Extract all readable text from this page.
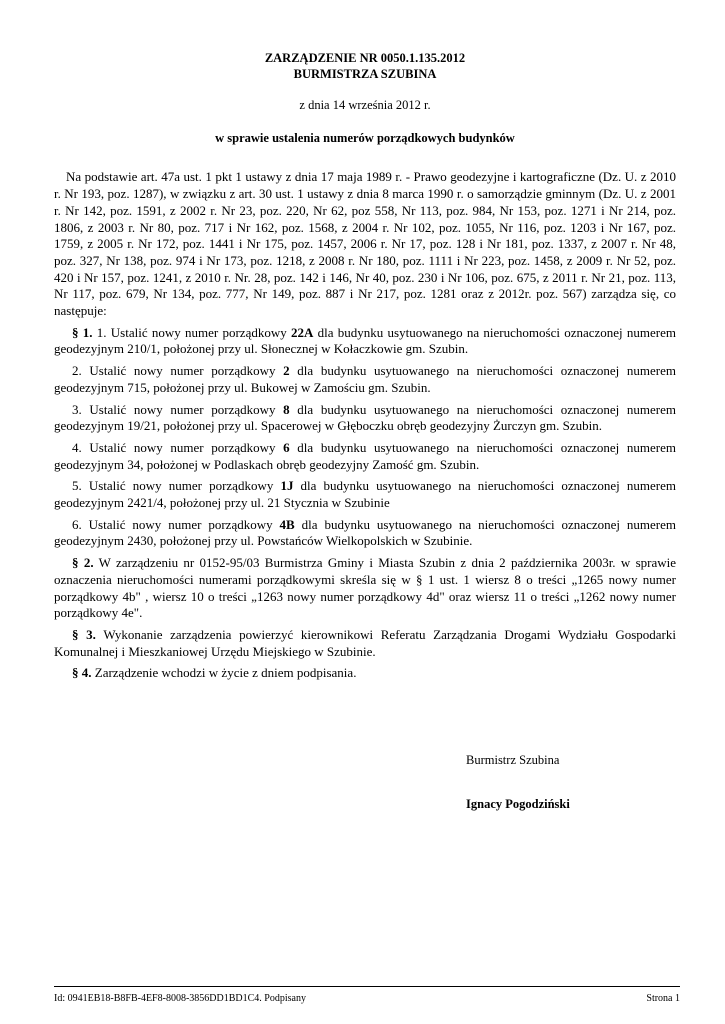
ZARZĄDZENIE NR 0050.1.135.2012
BURMISTRZA SZUBINA
z dnia 14 września 2012 r.
w sprawie ustalenia numerów porządkowych budynków
Na podstawie art. 47a ust. 1 pkt 1 ustawy z dnia 17 maja 1989 r. - Prawo geodezyjne i kartograficzne (Dz. U. z 2010 r. Nr 193, poz. 1287), w związku z art. 30 ust. 1 ustawy z dnia 8 marca 1990 r. o samorządzie gminnym (Dz. U. z 2001 r. Nr 142, poz. 1591, z 2002 r. Nr 23, poz. 220, Nr 62, poz 558, Nr 113, poz. 984, Nr 153, poz. 1271 i Nr 214, poz. 1806, z 2003 r. Nr 80, poz. 717 i Nr 162, poz. 1568, z 2004 r. Nr 102, poz. 1055, Nr 116, poz. 1203 i Nr 167, poz. 1759, z 2005 r. Nr 172, poz. 1441 i Nr 175, poz. 1457, 2006 r. Nr 17, poz. 128 i Nr 181, poz. 1337, z 2007 r. Nr 48, poz. 327, Nr 138, poz. 974 i Nr 173, poz. 1218, z 2008 r. Nr 180, poz. 1111 i Nr 223, poz. 1458, z 2009 r. Nr 52, poz. 420 i Nr 157, poz. 1241, z 2010 r. Nr. 28, poz. 142 i 146, Nr 40, poz. 230 i Nr 106, poz. 675, z 2011 r. Nr 21, poz. 113, Nr 117, poz. 679, Nr 134, poz. 777, Nr 149, poz. 887 i Nr 217, poz. 1281 oraz z 2012r. poz. 567) zarządza się, co następuje:
§ 1. 1. Ustalić nowy numer porządkowy 22A dla budynku usytuowanego na nieruchomości oznaczonej numerem geodezyjnym 210/1, położonej przy ul. Słonecznej w Kołaczkowie gm. Szubin.
2. Ustalić nowy numer porządkowy 2 dla budynku usytuowanego na nieruchomości oznaczonej numerem geodezyjnym 715, położonej przy ul. Bukowej w Zamościu gm. Szubin.
3. Ustalić nowy numer porządkowy 8 dla budynku usytuowanego na nieruchomości oznaczonej numerem geodezyjnym 19/21, położonej przy ul. Spacerowej w Głęboczku obręb geodezyjny Żurczyn gm. Szubin.
4. Ustalić nowy numer porządkowy 6 dla budynku usytuowanego na nieruchomości oznaczonej numerem geodezyjnym 34, położonej w Podlaskach obręb geodezyjny Zamość gm. Szubin.
5. Ustalić nowy numer porządkowy 1J dla budynku usytuowanego na nieruchomości oznaczonej numerem geodezyjnym 2421/4, położonej przy ul. 21 Stycznia w Szubinie
6. Ustalić nowy numer porządkowy 4B dla budynku usytuowanego na nieruchomości oznaczonej numerem geodezyjnym 2430, położonej przy ul. Powstańców Wielkopolskich w Szubinie.
§ 2. W zarządzeniu nr 0152-95/03 Burmistrza Gminy i Miasta Szubin z dnia 2 października 2003r. w sprawie oznaczenia nieruchomości numerami porządkowymi skreśla się w § 1 ust. 1 wiersz 8 o treści „1265 nowy numer porządkowy 4b" , wiersz 10 o treści „1263 nowy numer porządkowy 4d" oraz wiersz 11 o treści „1262 nowy numer porządkowy 4e".
§ 3. Wykonanie zarządzenia powierzyć kierownikowi Referatu Zarządzania Drogami Wydziału Gospodarki Komunalnej i Mieszkaniowej Urzędu Miejskiego w Szubinie.
§ 4. Zarządzenie wchodzi w życie z dniem podpisania.
Burmistrz Szubina
Ignacy Pogodziński
Id: 0941EB18-B8FB-4EF8-8008-3856DD1BD1C4. Podpisany	Strona 1
